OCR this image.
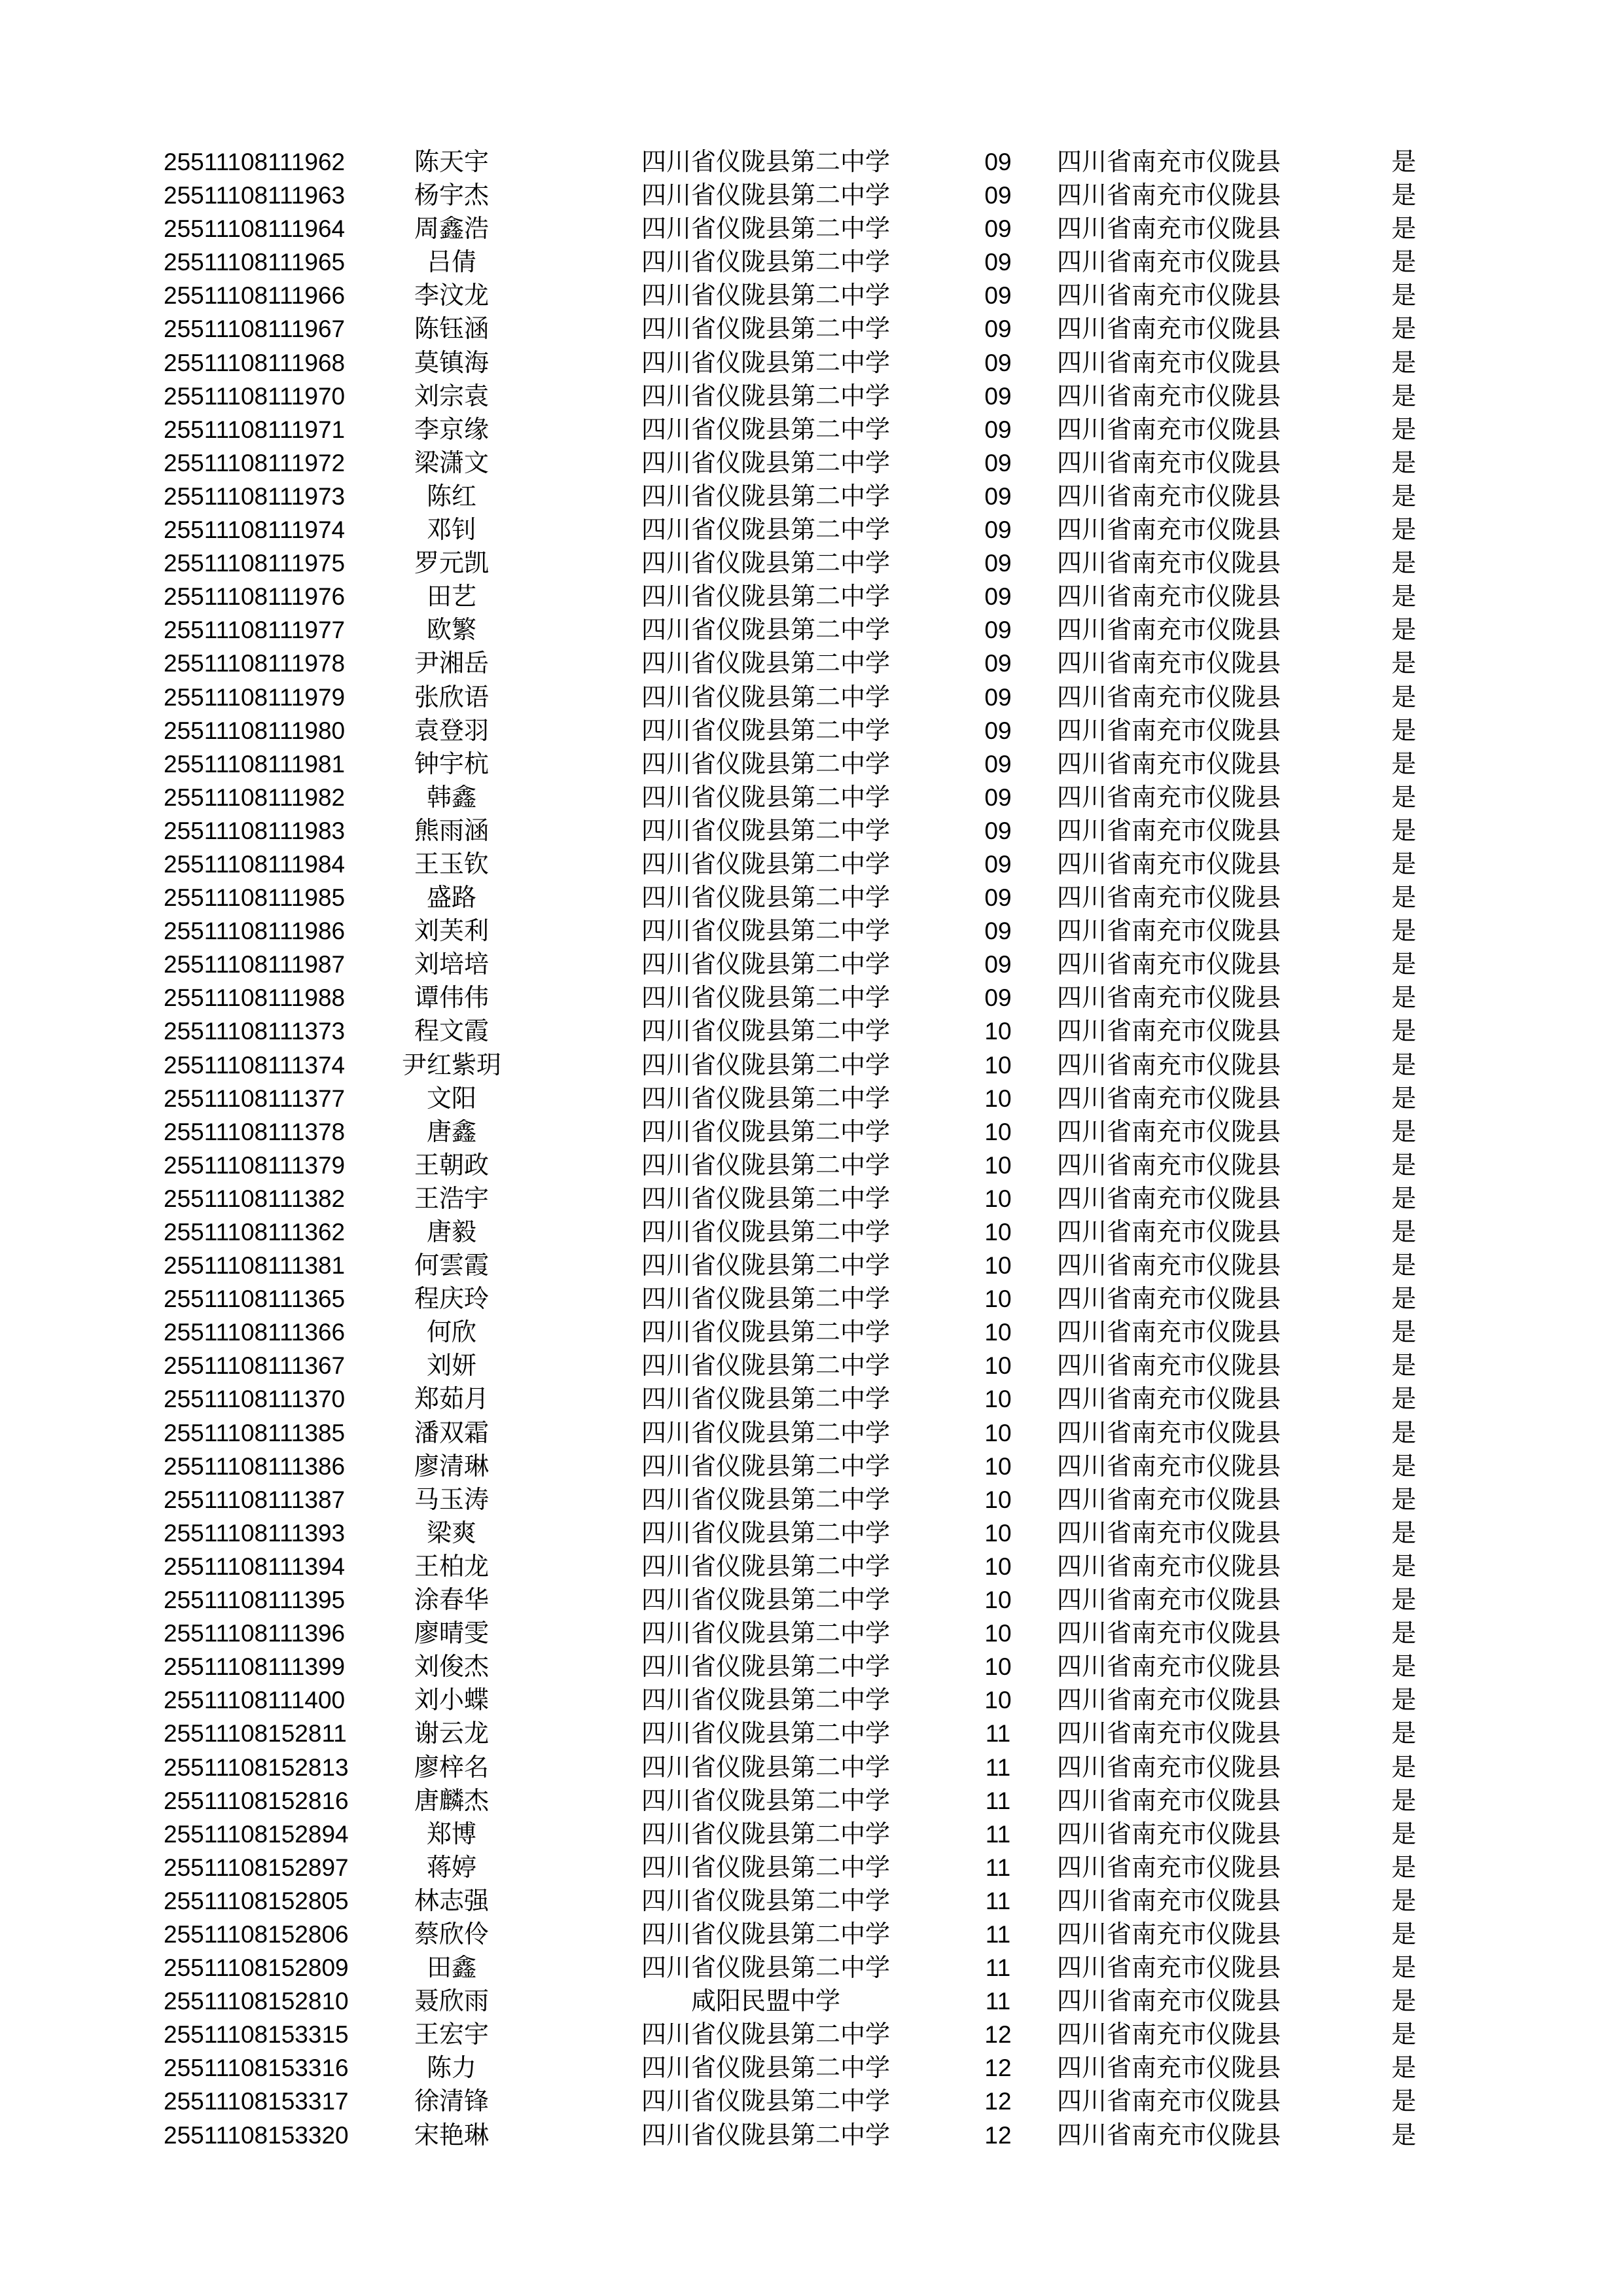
25511108111962	陈天宇	四川省仪陇县第二中学	09	四川省南充市仪陇县	是
25511108111963	杨宇杰	四川省仪陇县第二中学	09	四川省南充市仪陇县	是
25511108111964	周鑫浩	四川省仪陇县第二中学	09	四川省南充市仪陇县	是
25511108111965	吕倩	四川省仪陇县第二中学	09	四川省南充市仪陇县	是
25511108111966	李汶龙	四川省仪陇县第二中学	09	四川省南充市仪陇县	是
25511108111967	陈钰涵	四川省仪陇县第二中学	09	四川省南充市仪陇县	是
25511108111968	莫镇海	四川省仪陇县第二中学	09	四川省南充市仪陇县	是
25511108111970	刘宗袁	四川省仪陇县第二中学	09	四川省南充市仪陇县	是
25511108111971	李京缘	四川省仪陇县第二中学	09	四川省南充市仪陇县	是
25511108111972	梁潇文	四川省仪陇县第二中学	09	四川省南充市仪陇县	是
25511108111973	陈红	四川省仪陇县第二中学	09	四川省南充市仪陇县	是
25511108111974	邓钊	四川省仪陇县第二中学	09	四川省南充市仪陇县	是
25511108111975	罗元凯	四川省仪陇县第二中学	09	四川省南充市仪陇县	是
25511108111976	田艺	四川省仪陇县第二中学	09	四川省南充市仪陇县	是
25511108111977	欧繁	四川省仪陇县第二中学	09	四川省南充市仪陇县	是
25511108111978	尹湘岳	四川省仪陇县第二中学	09	四川省南充市仪陇县	是
25511108111979	张欣语	四川省仪陇县第二中学	09	四川省南充市仪陇县	是
25511108111980	袁登羽	四川省仪陇县第二中学	09	四川省南充市仪陇县	是
25511108111981	钟宇杭	四川省仪陇县第二中学	09	四川省南充市仪陇县	是
25511108111982	韩鑫	四川省仪陇县第二中学	09	四川省南充市仪陇县	是
25511108111983	熊雨涵	四川省仪陇县第二中学	09	四川省南充市仪陇县	是
25511108111984	王玉钦	四川省仪陇县第二中学	09	四川省南充市仪陇县	是
25511108111985	盛路	四川省仪陇县第二中学	09	四川省南充市仪陇县	是
25511108111986	刘芙利	四川省仪陇县第二中学	09	四川省南充市仪陇县	是
25511108111987	刘培培	四川省仪陇县第二中学	09	四川省南充市仪陇县	是
25511108111988	谭伟伟	四川省仪陇县第二中学	09	四川省南充市仪陇县	是
25511108111373	程文霞	四川省仪陇县第二中学	10	四川省南充市仪陇县	是
25511108111374	尹红紫玥	四川省仪陇县第二中学	10	四川省南充市仪陇县	是
25511108111377	文阳	四川省仪陇县第二中学	10	四川省南充市仪陇县	是
25511108111378	唐鑫	四川省仪陇县第二中学	10	四川省南充市仪陇县	是
25511108111379	王朝政	四川省仪陇县第二中学	10	四川省南充市仪陇县	是
25511108111382	王浩宇	四川省仪陇县第二中学	10	四川省南充市仪陇县	是
25511108111362	唐毅	四川省仪陇县第二中学	10	四川省南充市仪陇县	是
25511108111381	何雲霞	四川省仪陇县第二中学	10	四川省南充市仪陇县	是
25511108111365	程庆玲	四川省仪陇县第二中学	10	四川省南充市仪陇县	是
25511108111366	何欣	四川省仪陇县第二中学	10	四川省南充市仪陇县	是
25511108111367	刘妍	四川省仪陇县第二中学	10	四川省南充市仪陇县	是
25511108111370	郑茹月	四川省仪陇县第二中学	10	四川省南充市仪陇县	是
25511108111385	潘双霜	四川省仪陇县第二中学	10	四川省南充市仪陇县	是
25511108111386	廖清琳	四川省仪陇县第二中学	10	四川省南充市仪陇县	是
25511108111387	马玉涛	四川省仪陇县第二中学	10	四川省南充市仪陇县	是
25511108111393	梁爽	四川省仪陇县第二中学	10	四川省南充市仪陇县	是
25511108111394	王柏龙	四川省仪陇县第二中学	10	四川省南充市仪陇县	是
25511108111395	涂春华	四川省仪陇县第二中学	10	四川省南充市仪陇县	是
25511108111396	廖晴雯	四川省仪陇县第二中学	10	四川省南充市仪陇县	是
25511108111399	刘俊杰	四川省仪陇县第二中学	10	四川省南充市仪陇县	是
25511108111400	刘小蝶	四川省仪陇县第二中学	10	四川省南充市仪陇县	是
25511108152811	谢云龙	四川省仪陇县第二中学	11	四川省南充市仪陇县	是
25511108152813	廖梓名	四川省仪陇县第二中学	11	四川省南充市仪陇县	是
25511108152816	唐麟杰	四川省仪陇县第二中学	11	四川省南充市仪陇县	是
25511108152894	郑博	四川省仪陇县第二中学	11	四川省南充市仪陇县	是
25511108152897	蒋婷	四川省仪陇县第二中学	11	四川省南充市仪陇县	是
25511108152805	林志强	四川省仪陇县第二中学	11	四川省南充市仪陇县	是
25511108152806	蔡欣伶	四川省仪陇县第二中学	11	四川省南充市仪陇县	是
25511108152809	田鑫	四川省仪陇县第二中学	11	四川省南充市仪陇县	是
25511108152810	聂欣雨	咸阳民盟中学	11	四川省南充市仪陇县	是
25511108153315	王宏宇	四川省仪陇县第二中学	12	四川省南充市仪陇县	是
25511108153316	陈力	四川省仪陇县第二中学	12	四川省南充市仪陇县	是
25511108153317	徐清锋	四川省仪陇县第二中学	12	四川省南充市仪陇县	是
25511108153320	宋艳琳	四川省仪陇县第二中学	12	四川省南充市仪陇县	是
